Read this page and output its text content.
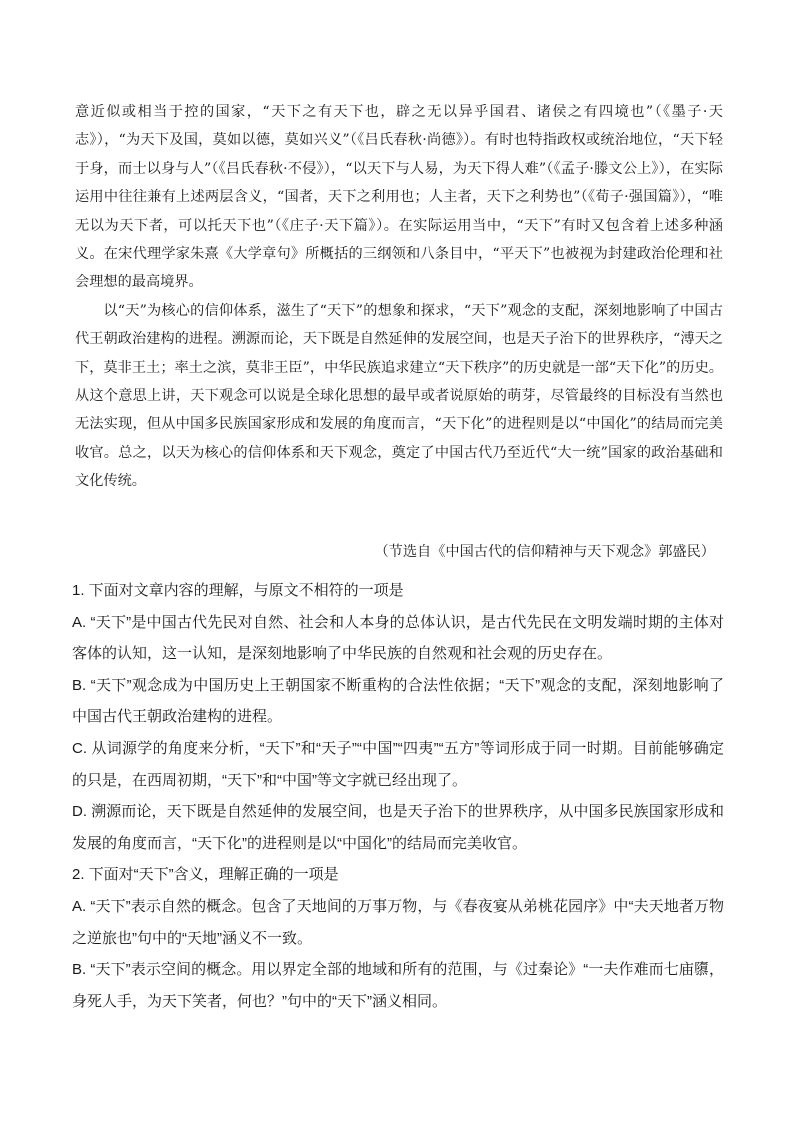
意近似或相当于控的国家，“天下之有天下也，辟之无以异乎国君、诸侯之有四境也”（《墨子·天志》），“为天下及国，莫如以德，莫如兴义”（《吕氏春秋·尚德》）。有时也特指政权或统治地位，“天下轻于身，而士以身与人”（《吕氏春秋·不侵》），“以天下与人易，为天下得人难”（《孟子·滕文公上》），在实际运用中往往兼有上述两层含义，“国者，天下之利用也；人主者，天下之利势也”（《荀子·强国篇》），“唯无以为天下者，可以托天下也”（《庄子·天下篇》）。在实际运用当中，“天下”有时又包含着上述多种涵义。在宋代理学家朱熹《大学章句》所概括的三纲领和八条目中，“平天下”也被视为封建政治伦理和社会理想的最高境界。

以“天”为核心的信仰体系，滋生了“天下”的想象和探求，“天下”观念的支配，深刻地影响了中国古代王朝政治建构的进程。溯源而论，天下既是自然延伸的发展空间，也是天子治下的世界秩序，“溥天之下，莫非王土；率土之滨，莫非王臣”，中华民族追求建立“天下秩序”的历史就是一部“天下化”的历史。从这个意思上讲，天下观念可以说是全球化思想的最早或者说原始的萌芽，尽管最终的目标没有当然也无法实现，但从中国多民族国家形成和发展的角度而言，“天下化”的进程则是以“中国化”的结局而完美收官。总之，以天为核心的信仰体系和天下观念，奠定了中国古代乃至近代“大一统”国家的政治基础和文化传统。

（节选自《中国古代的信仰精神与天下观念》郭盛民）
1. 下面对文章内容的理解，与原文不相符的一项是
A. “天下”是中国古代先民对自然、社会和人本身的总体认识，是古代先民在文明发端时期的主体对客体的认知，这一认知，是深刻地影响了中华民族的自然观和社会观的历史存在。
B. “天下”观念成为中国历史上王朝国家不断重构的合法性依据；“天下”观念的支配，深刻地影响了中国古代王朝政治建构的进程。
C. 从词源学的角度来分析，“天下”和“天子”“中国”“四夷”“五方”等词形成于同一时期。目前能够确定的只是，在西周初期，“天下”和“中国”等文字就已经出现了。
D. 溯源而论，天下既是自然延伸的发展空间，也是天子治下的世界秩序，从中国多民族国家形成和发展的角度而言，“天下化”的进程则是以“中国化”的结局而完美收官。
2. 下面对“天下”含义，理解正确的一项是
A. “天下”表示自然的概念。包含了天地间的万事万物，与《春夜宴从弟桃花园序》中“夫天地者万物之逆旅也”句中的“天地”涵义不一致。
B. “天下”表示空间的概念。用以界定全部的地域和所有的范围，与《过秦论》“一夫作难而七庙隳，身死人手，为天下笑者，何也？”句中的“天下”涵义相同。
